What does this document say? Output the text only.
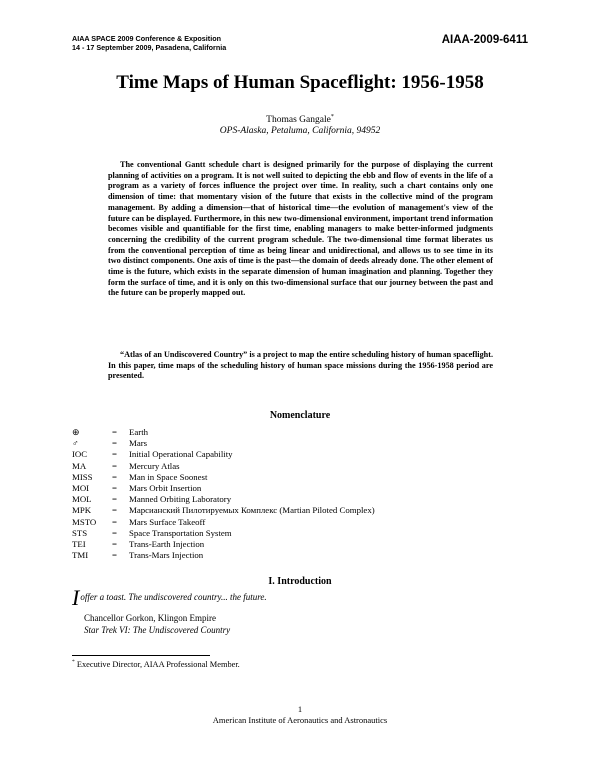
AIAA SPACE 2009 Conference & Exposition
14 - 17 September 2009, Pasadena, California
AIAA-2009-6411
Time Maps of Human Spaceflight: 1956-1958
Thomas Gangale*
OPS-Alaska, Petaluma, California, 94952

The conventional Gantt schedule chart is designed primarily for the purpose of displaying the current planning of activities on a program. It is not well suited to depicting the ebb and flow of events in the life of a program as a variety of forces influence the project over time. In reality, such a chart contains only one dimension of time: that momentary vision of the future that exists in the collective mind of the program management. By adding a dimension—that of historical time—the evolution of management's view of the future can be displayed. Furthermore, in this new two-dimensional environment, important trend information becomes visible and quantifiable for the first time, enabling managers to make better-informed judgments concerning the credibility of the current program schedule. The two-dimensional time format liberates us from the conventional perception of time as being linear and unidirectional, and allows us to see time in its two distinct components. One axis of time is the past—the domain of deeds already done. The other element of time is the future, which exists in the separate dimension of human imagination and planning. Together they form the surface of time, and it is only on this two-dimensional surface that our journey between the past and the future can be properly mapped out.

“Atlas of an Undiscovered Country” is a project to map the entire scheduling history of human spaceflight. In this paper, time maps of the scheduling history of human space missions during the 1956-1958 period are presented.

Nomenclature
⊕	=	Earth
♂	=	Mars
IOC	=	Initial Operational Capability
MA	=	Mercury Atlas
MISS	=	Man in Space Soonest
MOI	=	Mars Orbit Insertion
MOL	=	Manned Orbiting Laboratory
MPK	=	Марсианский Пилотируемых Комплекс (Martian Piloted Complex)
MSTO	=	Mars Surface Takeoff
STS	=	Space Transportation System
TEI	=	Trans-Earth Injection
TMI	=	Trans-Mars Injection
I. Introduction
I offer a toast. The undiscovered country... the future.
Chancellor Gorkon, Klingon Empire
Star Trek VI: The Undiscovered Country
* Executive Director, AIAA Professional Member.
1
American Institute of Aeronautics and Astronautics
